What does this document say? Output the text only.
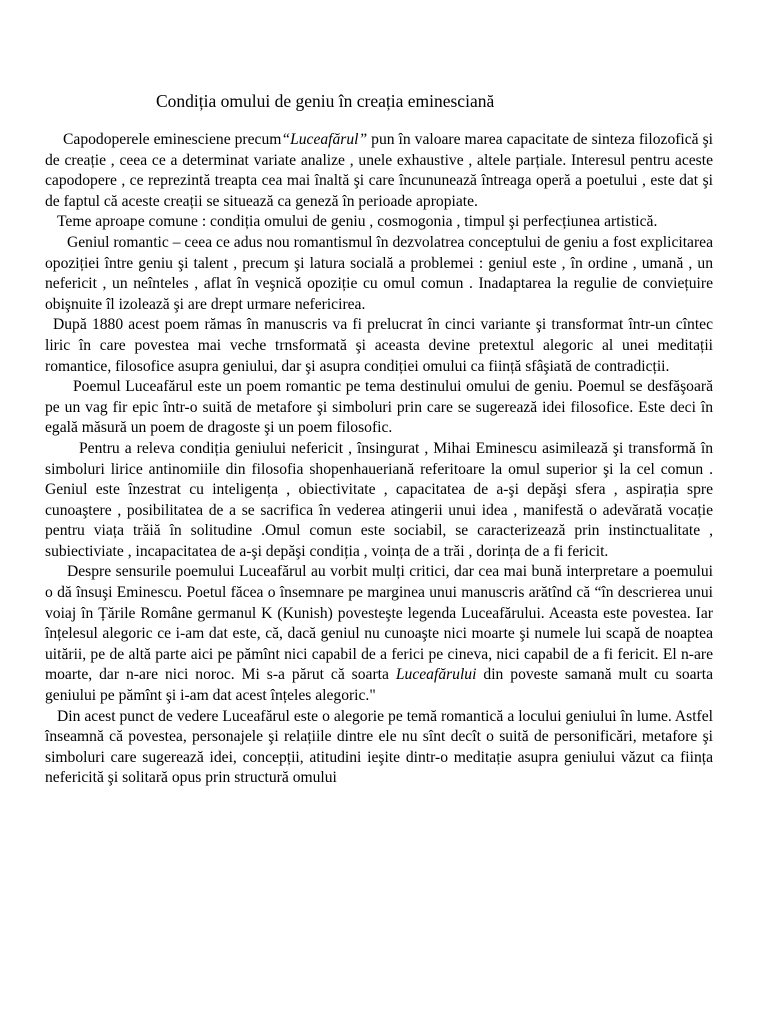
Condiția omului de geniu în creația eminesciană

Capodoperele eminesciene precum“Luceafărul” pun în valoare marea capacitate de sinteza filozofică şi de creație , ceea ce a determinat variate analize , unele exhaustive , altele parțiale. Interesul pentru aceste capodopere , ce reprezintă treapta cea mai înaltă şi care încununează întreaga operă a poetului , este dat şi de faptul că aceste creații se situează ca geneză în perioade apropiate.

Teme aproape comune : condiția omului de geniu , cosmogonia , timpul şi perfecțiunea artistică.

Geniul romantic – ceea ce adus nou romantismul în dezvolatrea conceptului de geniu a fost explicitarea opoziției între geniu şi talent , precum şi latura socială a problemei : geniul este , în ordine , umană , un nefericit , un neînteles , aflat în veşnică opoziție cu omul comun . Inadaptarea la regulie de conviețuire obişnuite îl izolează şi are drept urmare nefericirea.

După 1880 acest poem rămas în manuscris va fi prelucrat în cinci variante şi transformat într-un cîntec liric în care povestea mai veche trnsformată şi aceasta devine pretextul alegoric al unei meditații romantice, filosofice asupra geniului, dar şi asupra condiției omului ca ființă sfâşiată de contradicții.

Poemul Luceafărul este un poem romantic pe tema destinului omului de geniu. Poemul se desfăşoară pe un vag fir epic într-o suită de metafore şi simboluri prin care se sugerează idei filosofice. Este deci în egală măsură un poem de dragoste şi un poem filosofic.

Pentru a releva condiția geniului nefericit , însingurat , Mihai Eminescu asimilează şi transformă în simboluri lirice antinomiile din filosofia shopenhaueriană referitoare la omul superior şi la cel comun . Geniul este înzestrat cu inteligența , obiectivitate , capacitatea de a-şi depăşi sfera , aspirația spre cunoaştere , posibilitatea de a se sacrifica în vederea atingerii unui idea , manifestă o adevărată vocație pentru viața trăiă în solitudine .Omul comun este sociabil, se caracterizează prin instinctualitate , subiectiviate , incapacitatea de a-şi depăşi condiția , voința de a trăi , dorința de a fi fericit.

Despre sensurile poemului Luceafărul au vorbit mulți critici, dar cea mai bună interpretare a poemului o dă însuşi Eminescu. Poetul făcea o însemnare pe marginea unui manuscris arătînd că “în descrierea unui voiaj în Țările Române germanul K (Kunish) povesteşte legenda Luceafărului. Aceasta este povestea. Iar înțelesul alegoric ce i-am dat este, că, dacă geniul nu cunoaşte nici moarte şi numele lui scapă de noaptea uitării, pe de altă parte aici pe pămînt nici capabil de a ferici pe cineva, nici capabil de a fi fericit. El n-are moarte, dar n-are nici noroc. Mi s-a părut că soarta Luceafărului din poveste samană mult cu soarta geniului pe pămînt şi i-am dat acest înțeles alegoric."

Din acest punct de vedere Luceafărul este o alegorie pe temă romantică a locului geniului în lume. Astfel înseamnă că povestea, personajele şi relațiile dintre ele nu sînt decît o suită de personificări, metafore şi simboluri care sugerează idei, concepții, atitudini ieşite dintr-o meditație asupra geniului văzut ca ființa nefericită şi solitară opus prin structură omului
